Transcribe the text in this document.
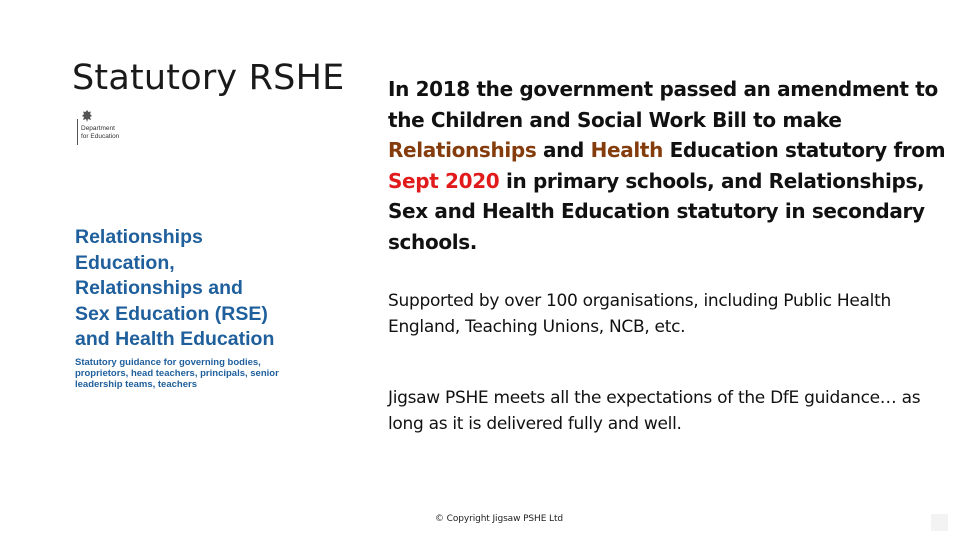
Statutory RSHE
Department
for Education
Relationships
Education,
Relationships and
Sex Education (RSE)
and Health Education

Statutory guidance for governing bodies, proprietors, head teachers, principals, senior leadership teams, teachers

In 2018 the government passed an amendment to the Children and Social Work Bill to make Relationships and Health Education statutory from Sept 2020 in primary schools, and Relationships, Sex and Health Education statutory in secondary schools.

Supported by over 100 organisations, including Public Health England, Teaching Unions, NCB, etc.

Jigsaw PSHE meets all the expectations of the DfE guidance… as long as it is delivered fully and well.

© Copyright Jigsaw PSHE Ltd
